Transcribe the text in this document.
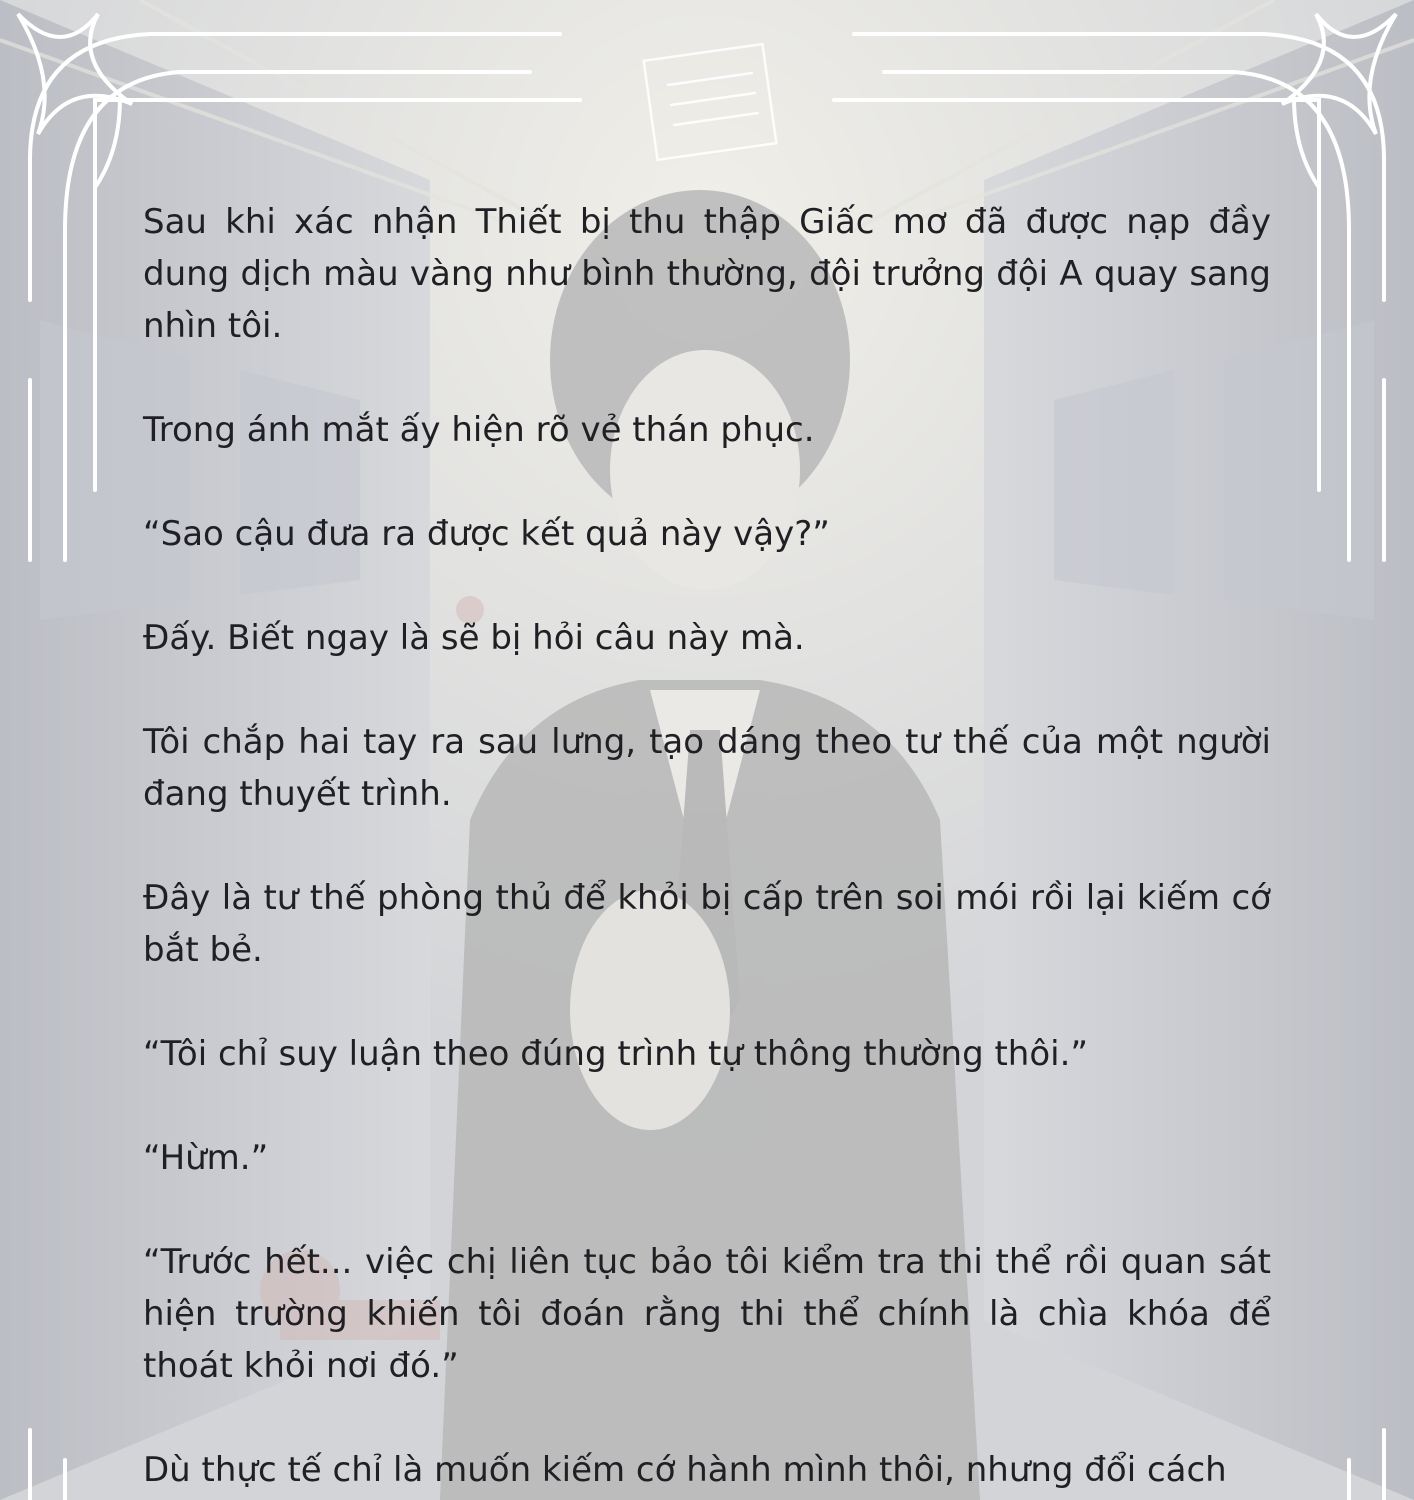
Sau khi xác nhận Thiết bị thu thập Giấc mơ đã được nạp đầy dung dịch màu vàng như bình thường, đội trưởng đội A quay sang nhìn tôi.

Trong ánh mắt ấy hiện rõ vẻ thán phục.

“Sao cậu đưa ra được kết quả này vậy?”

Đấy. Biết ngay là sẽ bị hỏi câu này mà.

Tôi chắp hai tay ra sau lưng, tạo dáng theo tư thế của một người đang thuyết trình.

Đây là tư thế phòng thủ để khỏi bị cấp trên soi mói rồi lại kiếm cớ bắt bẻ.

“Tôi chỉ suy luận theo đúng trình tự thông thường thôi.”

“Hừm.”

“Trước hết... việc chị liên tục bảo tôi kiểm tra thi thể rồi quan sát hiện trường khiến tôi đoán rằng thi thể chính là chìa khóa để thoát khỏi nơi đó.”

Dù thực tế chỉ là muốn kiếm cớ hành mình thôi, nhưng đổi cách
